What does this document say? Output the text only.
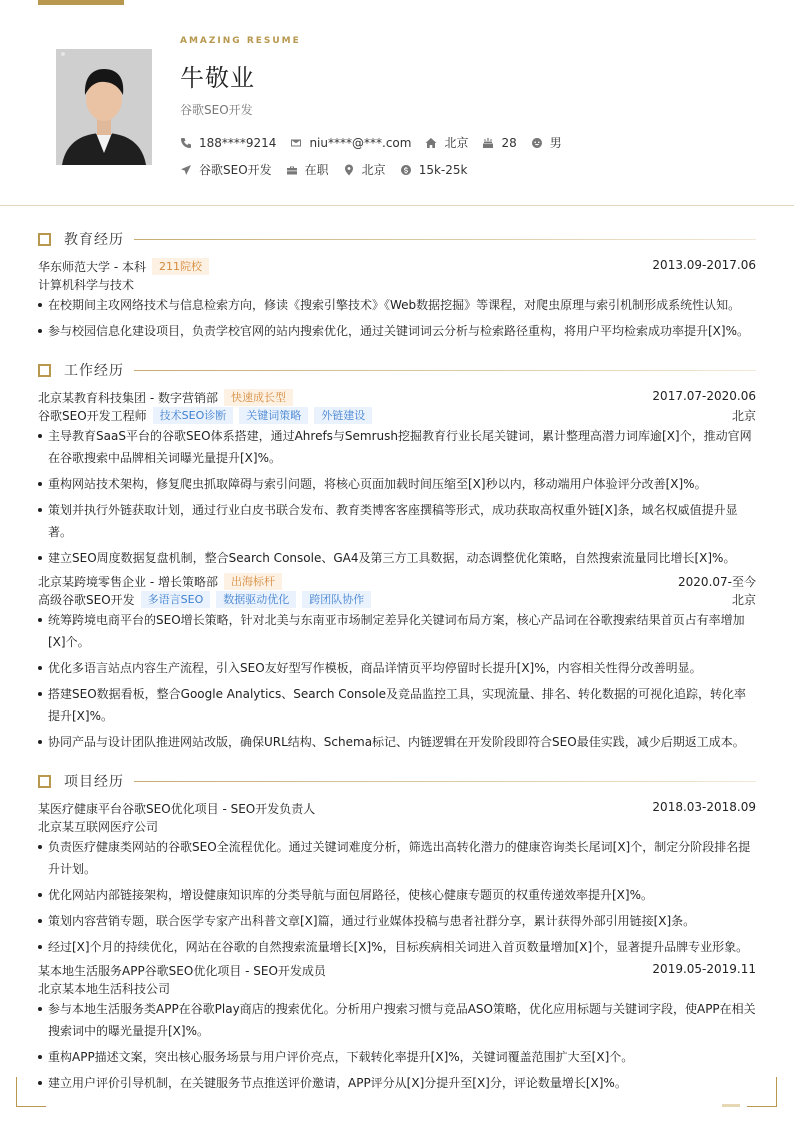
AMAZING RESUME
牛敬业
谷歌SEO开发
188****9214	niu****@***.com	北京	28	男
谷歌SEO开发	在职	北京	15k-25k
教育经历
华东师范大学 - 本科	211院校	2013.09-2017.06
计算机科学与技术
在校期间主攻网络技术与信息检索方向，修读《搜索引擎技术》《Web数据挖掘》等课程，对爬虫原理与索引机制形成系统性认知。
参与校园信息化建设项目，负责学校官网的站内搜索优化，通过关键词词云分析与检索路径重构，将用户平均检索成功率提升[X]%。
工作经历
北京某教育科技集团 - 数字营销部	快速成长型	2017.07-2020.06
谷歌SEO开发工程师	技术SEO诊断	关键词策略	外链建设	北京
主导教育SaaS平台的谷歌SEO体系搭建，通过Ahrefs与Semrush挖掘教育行业长尾关键词，累计整理高潜力词库逾[X]个，推动官网在谷歌搜索中品牌相关词曝光量提升[X]%。
重构网站技术架构，修复爬虫抓取障碍与索引问题，将核心页面加载时间压缩至[X]秒以内，移动端用户体验评分改善[X]%。
策划并执行外链获取计划，通过行业白皮书联合发布、教育类博客客座撰稿等形式，成功获取高权重外链[X]条，域名权威值提升显著。
建立SEO周度数据复盘机制，整合Search Console、GA4及第三方工具数据，动态调整优化策略，自然搜索流量同比增长[X]%。
北京某跨境零售企业 - 增长策略部	出海标杆	2020.07-至今
高级谷歌SEO开发	多语言SEO	数据驱动优化	跨团队协作	北京
统筹跨境电商平台的SEO增长策略，针对北美与东南亚市场制定差异化关键词布局方案，核心产品词在谷歌搜索结果首页占有率增加[X]个。
优化多语言站点内容生产流程，引入SEO友好型写作模板，商品详情页平均停留时长提升[X]%，内容相关性得分改善明显。
搭建SEO数据看板，整合Google Analytics、Search Console及竞品监控工具，实现流量、排名、转化数据的可视化追踪，转化率提升[X]%。
协同产品与设计团队推进网站改版，确保URL结构、Schema标记、内链逻辑在开发阶段即符合SEO最佳实践，减少后期返工成本。
项目经历
某医疗健康平台谷歌SEO优化项目 - SEO开发负责人	2018.03-2018.09
北京某互联网医疗公司
负责医疗健康类网站的谷歌SEO全流程优化。通过关键词难度分析，筛选出高转化潜力的健康咨询类长尾词[X]个，制定分阶段排名提升计划。
优化网站内部链接架构，增设健康知识库的分类导航与面包屑路径，使核心健康专题页的权重传递效率提升[X]%。
策划内容营销专题，联合医学专家产出科普文章[X]篇，通过行业媒体投稿与患者社群分享，累计获得外部引用链接[X]条。
经过[X]个月的持续优化，网站在谷歌的自然搜索流量增长[X]%，目标疾病相关词进入首页数量增加[X]个，显著提升品牌专业形象。
某本地生活服务APP谷歌SEO优化项目 - SEO开发成员	2019.05-2019.11
北京某本地生活科技公司
参与本地生活服务类APP在谷歌Play商店的搜索优化。分析用户搜索习惯与竞品ASO策略，优化应用标题与关键词字段，使APP在相关搜索词中的曝光量提升[X]%。
重构APP描述文案，突出核心服务场景与用户评价亮点，下载转化率提升[X]%，关键词覆盖范围扩大至[X]个。
建立用户评价引导机制，在关键服务节点推送评价邀请，APP评分从[X]分提升至[X]分，评论数量增长[X]%。
